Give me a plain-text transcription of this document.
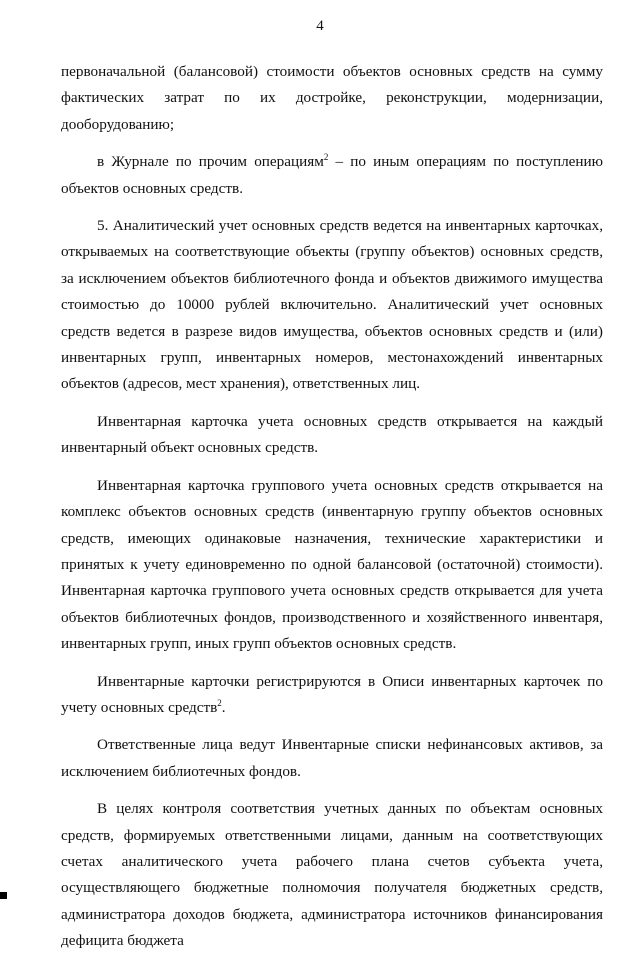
4

первоначальной (балансовой) стоимости объектов основных средств на сумму фактических затрат по их достройке, реконструкции, модернизации, дооборудованию;

в Журнале по прочим операциям$^2$ – по иным операциям по поступлению объектов основных средств.

5. Аналитический учет основных средств ведется на инвентарных карточках, открываемых на соответствующие объекты (группу объектов) основных средств, за исключением объектов библиотечного фонда и объектов движимого имущества стоимостью до 10000 рублей включительно. Аналитический учет основных средств ведется в разрезе видов имущества, объектов основных средств и (или) инвентарных групп, инвентарных номеров, местонахождений инвентарных объектов (адресов, мест хранения), ответственных лиц.

Инвентарная карточка учета основных средств открывается на каждый инвентарный объект основных средств.

Инвентарная карточка группового учета основных средств открывается на комплекс объектов основных средств (инвентарную группу объектов основных средств, имеющих одинаковые назначения, технические характеристики и принятых к учету единовременно по одной балансовой (остаточной) стоимости). Инвентарная карточка группового учета основных средств открывается для учета объектов библиотечных фондов, производственного и хозяйственного инвентаря, инвентарных групп, иных групп объектов основных средств.

Инвентарные карточки регистрируются в Описи инвентарных карточек по учету основных средств$^2$.

Ответственные лица ведут Инвентарные списки нефинансовых активов, за исключением библиотечных фондов.

В целях контроля соответствия учетных данных по объектам основных средств, формируемых ответственными лицами, данным на соответствующих счетах аналитического учета рабочего плана счетов субъекта учета, осуществляющего бюджетные полномочия получателя бюджетных средств, администратора доходов бюджета, администратора источников финансирования дефицита бюджета
